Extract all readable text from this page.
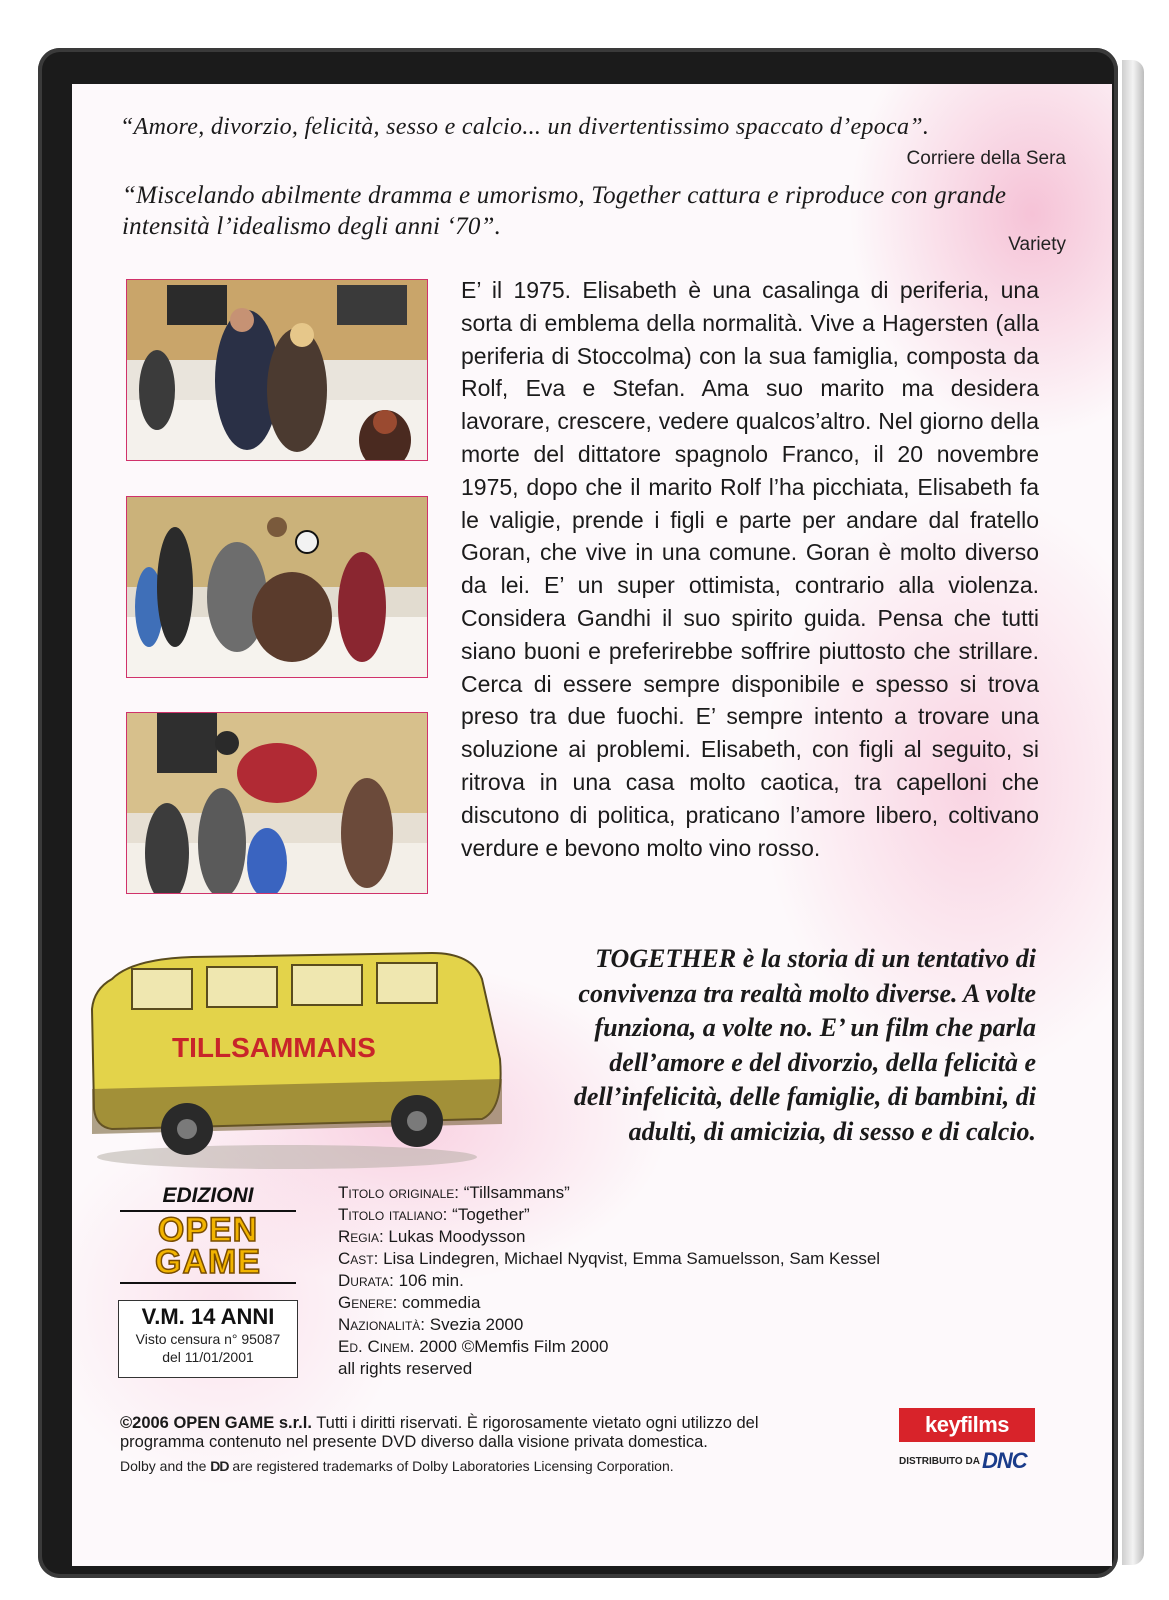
“Amore, divorzio, felicità, sesso e calcio... un divertentissimo spaccato d’epoca”.
Corriere della Sera
“Miscelando abilmente dramma e umorismo, Together cattura e riproduce con grande intensità l’idealismo degli anni ‘70”.
Variety
E’ il 1975. Elisabeth è una casalinga di periferia, una sorta di emblema della normalità. Vive a Hagersten (alla periferia di Stoccolma) con la sua famiglia, composta da Rolf, Eva e Stefan. Ama suo marito ma desidera lavorare, crescere, vedere qualcos’altro. Nel giorno della morte del dittatore spagnolo Franco, il 20 novembre 1975, dopo che il marito Rolf l’ha picchiata, Elisabeth fa le valigie, prende i figli e parte per andare dal fratello Goran, che vive in una comune. Goran è molto diverso da lei. E’ un super ottimista, contrario alla violenza. Considera Gandhi il suo spirito guida. Pensa che tutti siano buoni e preferirebbe soffrire piuttosto che strillare. Cerca di essere sempre disponibile e spesso si trova preso tra due fuochi. E’ sempre intento a trovare una soluzione ai problemi. Elisabeth, con figli al seguito, si ritrova in una casa molto caotica, tra capelloni che discutono di politica, praticano l’amore libero, coltivano verdure e bevono molto vino rosso.
TILLSAMMANS
TOGETHER è la storia di un tentativo di convivenza tra realtà molto diverse. A volte funziona, a volte no. E’ un film che parla dell’amore e del divorzio, della felicità e dell’infelicità, delle famiglie, di bambini, di adulti, di amicizia, di sesso e di calcio.
EDIZIONI
OPEN
GAME
V.M. 14 ANNI
Visto censura n° 95087
del 11/01/2001
Titolo originale: “Tillsammans”
Titolo italiano: “Together”
Regia: Lukas Moodysson
Cast: Lisa Lindegren, Michael Nyqvist, Emma Samuelsson, Sam Kessel
Durata: 106 min.
Genere: commedia
Nazionalità: Svezia 2000
Ed. Cinem. 2000 ©Memfis Film 2000
all rights reserved
©2006 OPEN GAME s.r.l. Tutti i diritti riservati. È rigorosamente vietato ogni utilizzo del programma contenuto nel presente DVD diverso dalla visione privata domestica.
Dolby and the DD are registered trademarks of Dolby Laboratories Licensing Corporation.
keyfilms
DISTRIBUITO DA DNC
